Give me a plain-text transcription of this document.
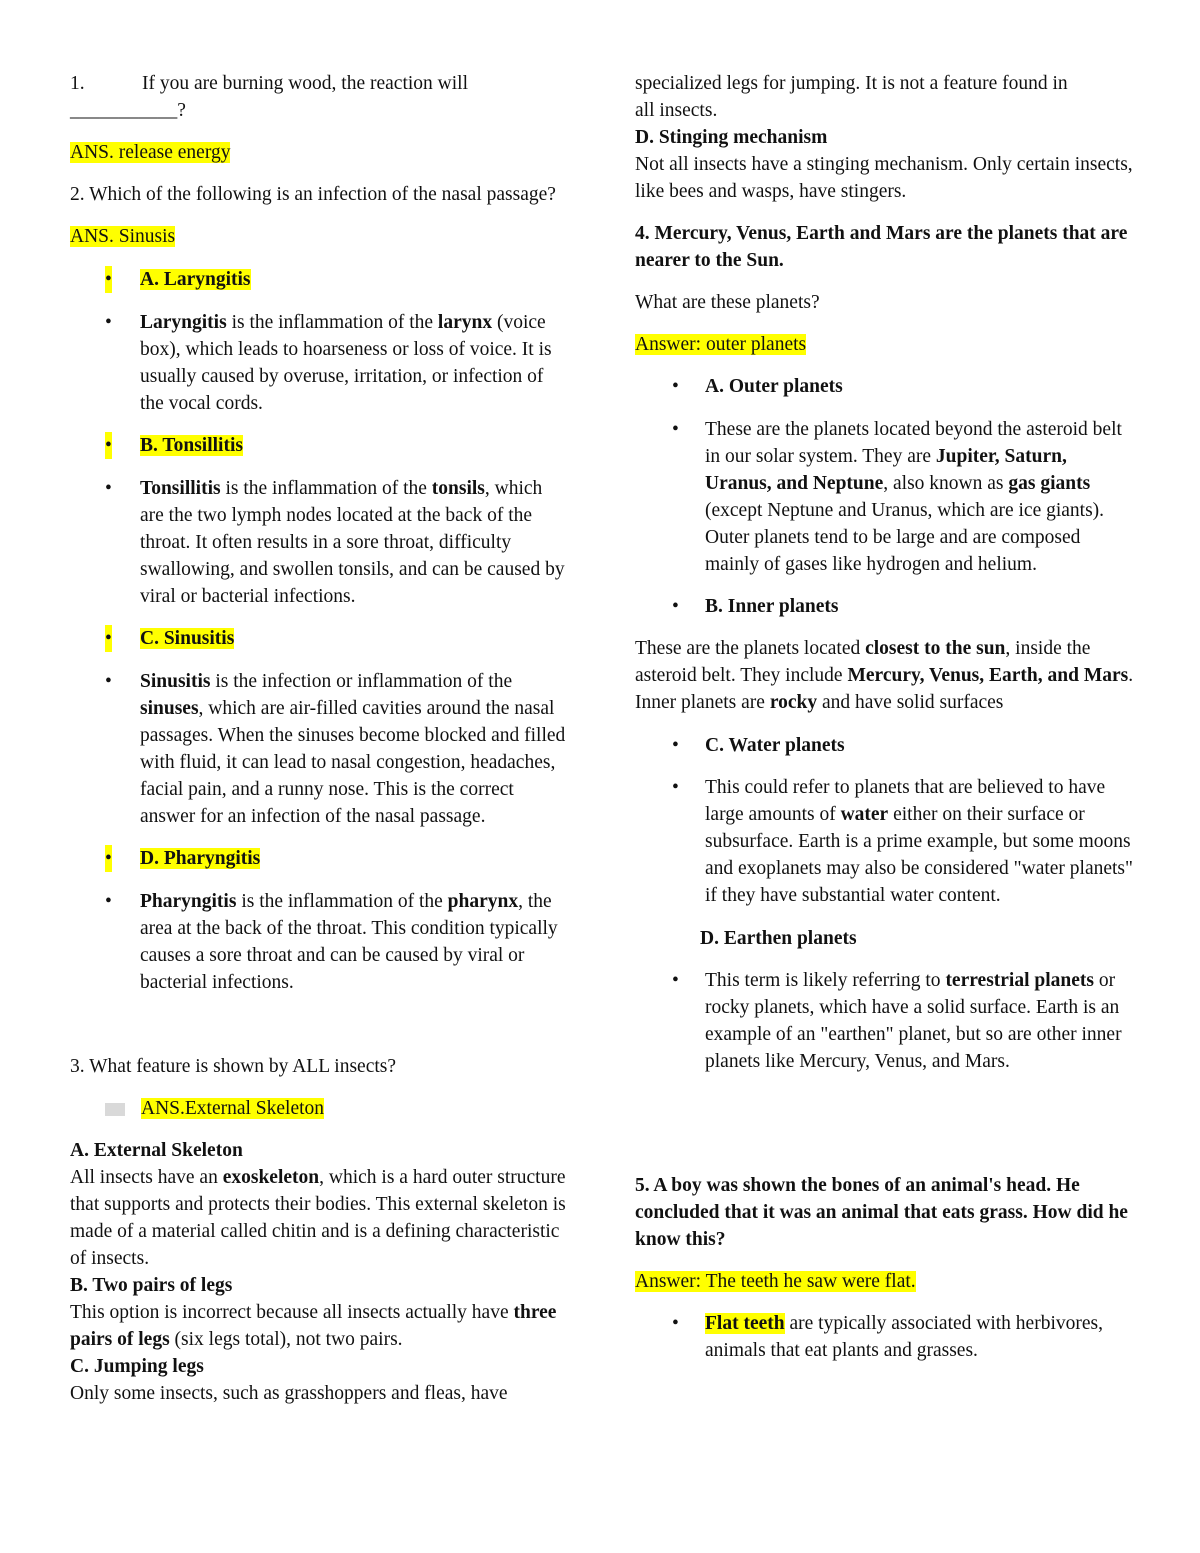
1.	If you are burning wood, the reaction will
___________?

ANS. release energy

2. Which of the following is an infection of the nasal passage?

ANS. Sinusis

• A. Laryngitis

• Laryngitis is the inflammation of the larynx (voice box), which leads to hoarseness or loss of voice. It is usually caused by overuse, irritation, or infection of the vocal cords.

• B. Tonsillitis

• Tonsillitis is the inflammation of the tonsils, which are the two lymph nodes located at the back of the throat. It often results in a sore throat, difficulty swallowing, and swollen tonsils, and can be caused by viral or bacterial infections.

• C. Sinusitis

• Sinusitis is the infection or inflammation of the sinuses, which are air-filled cavities around the nasal passages. When the sinuses become blocked and filled with fluid, it can lead to nasal congestion, headaches, facial pain, and a runny nose. This is the correct answer for an infection of the nasal passage.

• D. Pharyngitis

• Pharyngitis is the inflammation of the pharynx, the area at the back of the throat. This condition typically causes a sore throat and can be caused by viral or bacterial infections.

3. What feature is shown by ALL insects?

ANS.External Skeleton

A. External Skeleton
All insects have an exoskeleton, which is a hard outer structure that supports and protects their bodies. This external skeleton is made of a material called chitin and is a defining characteristic of insects.

B. Two pairs of legs
This option is incorrect because all insects actually have three pairs of legs (six legs total), not two pairs.

C. Jumping legs
Only some insects, such as grasshoppers and fleas, have

specialized legs for jumping. It is not a feature found in

all insects.

D. Stinging mechanism
Not all insects have a stinging mechanism. Only certain insects, like bees and wasps, have stingers.

4. Mercury, Venus, Earth and Mars are the planets that are nearer to the Sun.

What are these planets?

Answer: outer planets

• A. Outer planets

• These are the planets located beyond the asteroid belt in our solar system. They are Jupiter, Saturn, Uranus, and Neptune, also known as gas giants (except Neptune and Uranus, which are ice giants). Outer planets tend to be large and are composed mainly of gases like hydrogen and helium.

• B. Inner planets

These are the planets located closest to the sun, inside the asteroid belt. They include Mercury, Venus, Earth, and Mars. Inner planets are rocky and have solid surfaces

• C. Water planets

• This could refer to planets that are believed to have large amounts of water either on their surface or subsurface. Earth is a prime example, but some moons and exoplanets may also be considered "water planets" if they have substantial water content.

D. Earthen planets

• This term is likely referring to terrestrial planets or rocky planets, which have a solid surface. Earth is an example of an "earthen" planet, but so are other inner planets like Mercury, Venus, and Mars.

5. A boy was shown the bones of an animal's head. He concluded that it was an animal that eats grass. How did he know this?

Answer: The teeth he saw were flat.

• Flat teeth are typically associated with herbivores, animals that eat plants and grasses.
